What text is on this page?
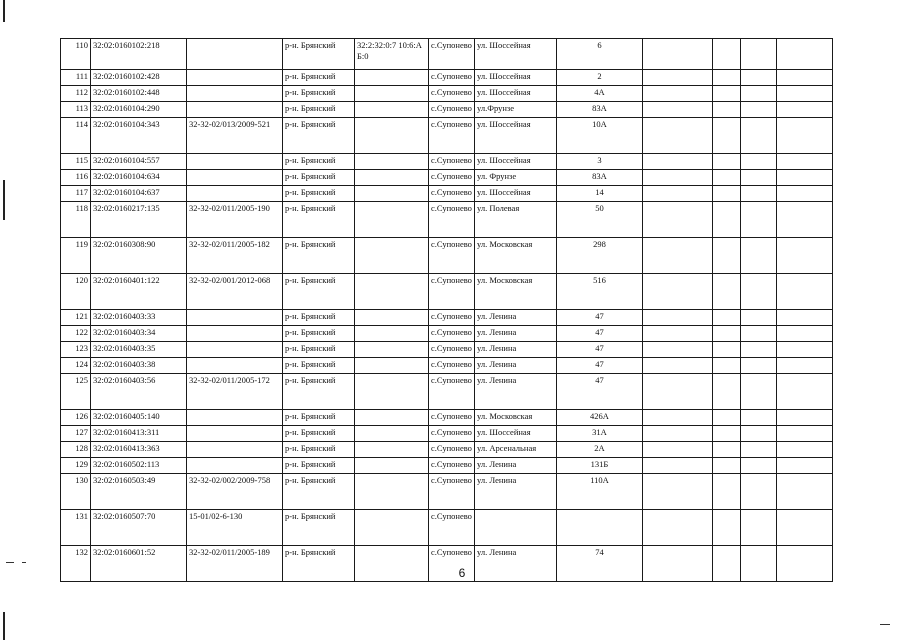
110	32:02:0160102:218		р-н. Брянский	32:2:32:0:7 10:6:АБ:0	с.Супонево	ул. Шоссейная	6				
111	32:02:0160102:428		р-н. Брянский		с.Супонево	ул. Шоссейная	2				
112	32:02:0160102:448		р-н. Брянский		с.Супонево	ул. Шоссейная	4А				
113	32:02:0160104:290		р-н. Брянский		с.Супонево	ул.Фрунзе	83А				
114	32:02:0160104:343	32-32-02/013/2009-521	р-н. Брянский		с.Супонево	ул. Шоссейная	10А				
115	32:02:0160104:557		р-н. Брянский		с.Супонево	ул. Шоссейная	3				
116	32:02:0160104:634		р-н. Брянский		с.Супонево	ул. Фрунзе	83А				
117	32:02:0160104:637		р-н. Брянский		с.Супонево	ул. Шоссейная	14				
118	32:02:0160217:135	32-32-02/011/2005-190	р-н. Брянский		с.Супонево	ул. Полевая	50				
119	32:02:0160308:90	32-32-02/011/2005-182	р-н. Брянский		с.Супонево	ул. Московская	298				
120	32:02:0160401:122	32-32-02/001/2012-068	р-н. Брянский		с.Супонево	ул. Московская	516				
121	32:02:0160403:33		р-н. Брянский		с.Супонево	ул. Ленина	47				
122	32:02:0160403:34		р-н. Брянский		с.Супонево	ул. Ленина	47				
123	32:02:0160403:35		р-н. Брянский		с.Супонево	ул. Ленина	47				
124	32:02:0160403:38		р-н. Брянский		с.Супонево	ул. Ленина	47				
125	32:02:0160403:56	32-32-02/011/2005-172	р-н. Брянский		с.Супонево	ул. Ленина	47				
126	32:02:0160405:140		р-н. Брянский		с.Супонево	ул. Московская	426А				
127	32:02:0160413:311		р-н. Брянский		с.Супонево	ул. Шоссейная	31А				
128	32:02:0160413:363		р-н. Брянский		с.Супонево	ул. Арсенальная	2А				
129	32:02:0160502:113		р-н. Брянский		с.Супонево	ул. Ленина	131Б				
130	32:02:0160503:49	32-32-02/002/2009-758	р-н. Брянский		с.Супонево	ул. Ленина	110А				
131	32:02:0160507:70	15-01/02-6-130	р-н. Брянский		с.Супонево						
132	32:02:0160601:52	32-32-02/011/2005-189	р-н. Брянский		с.Супонево	ул. Ленина	74				
6
